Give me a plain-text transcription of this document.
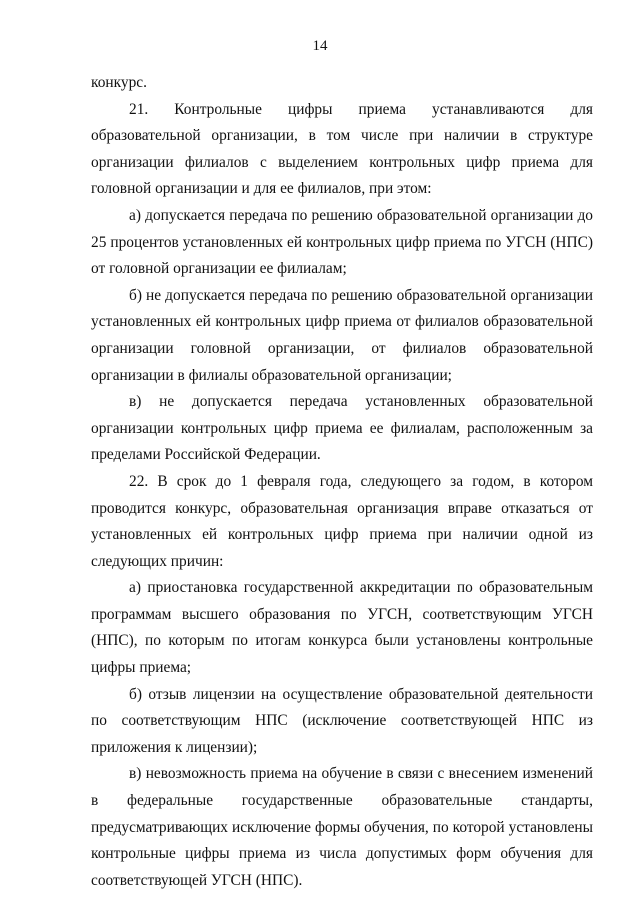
14

конкурс.

21. Контрольные цифры приема устанавливаются для образовательной организации, в том числе при наличии в структуре организации филиалов с выделением контрольных цифр приема для головной организации и для ее филиалов, при этом:

а) допускается передача по решению образовательной организации до 25 процентов установленных ей контрольных цифр приема по УГСН (НПС) от головной организации ее филиалам;

б) не допускается передача по решению образовательной организации установленных ей контрольных цифр приема от филиалов образовательной организации головной организации, от филиалов образовательной организации в филиалы образовательной организации;

в) не допускается передача установленных образовательной организации контрольных цифр приема ее филиалам, расположенным за пределами Российской Федерации.

22. В срок до 1 февраля года, следующего за годом, в котором проводится конкурс, образовательная организация вправе отказаться от установленных ей контрольных цифр приема при наличии одной из следующих причин:

а) приостановка государственной аккредитации по образовательным программам высшего образования по УГСН, соответствующим УГСН (НПС), по которым по итогам конкурса были установлены контрольные цифры приема;

б) отзыв лицензии на осуществление образовательной деятельности по соответствующим НПС (исключение соответствующей НПС из приложения к лицензии);

в) невозможность приема на обучение в связи с внесением изменений в федеральные государственные образовательные стандарты, предусматривающих исключение формы обучения, по которой установлены контрольные цифры приема из числа допустимых форм обучения для соответствующей УГСН (НПС).
